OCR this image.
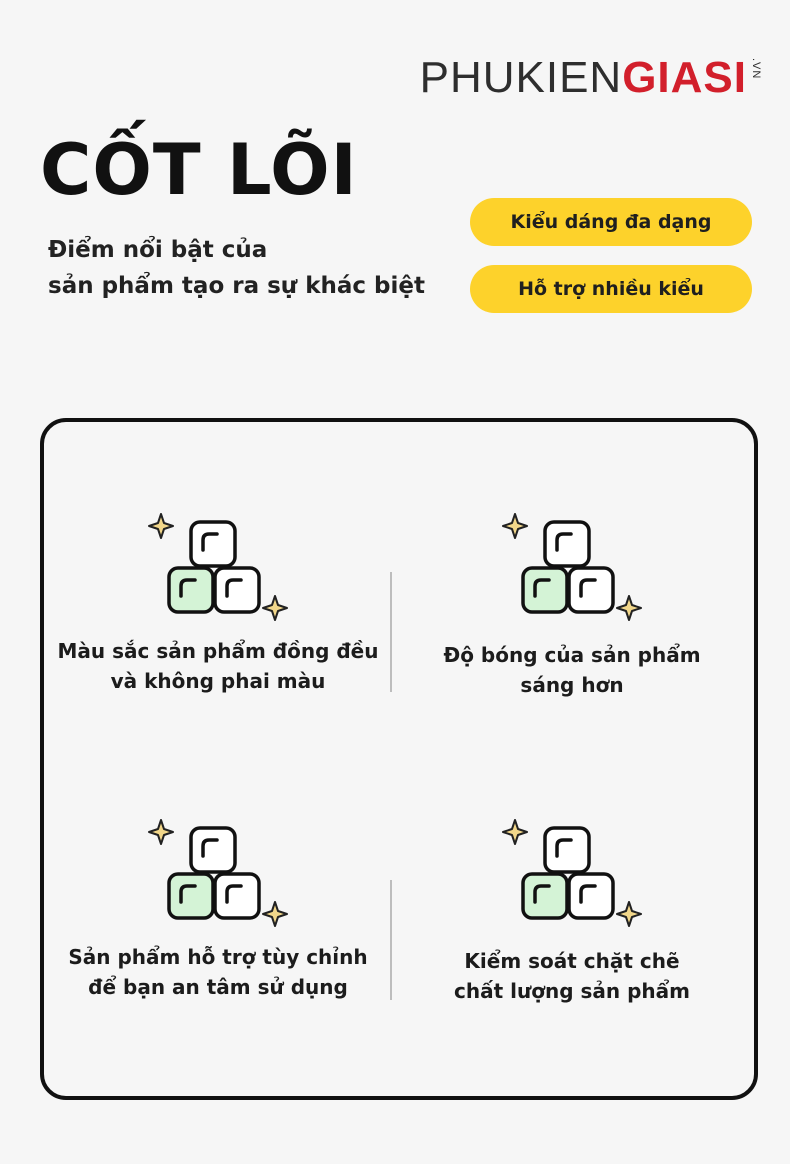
PHUKIEN GIASI .VN
CỐT LÕI
Điểm nổi bật của
sản phẩm tạo ra sự khác biệt
Kiểu dáng đa dạng
Hỗ trợ nhiều kiểu
Màu sắc sản phẩm đồng đều
và không phai màu
Độ bóng của sản phẩm
sáng hơn
Sản phẩm hỗ trợ tùy chỉnh
để bạn an tâm sử dụng
Kiểm soát chặt chẽ
chất lượng sản phẩm
